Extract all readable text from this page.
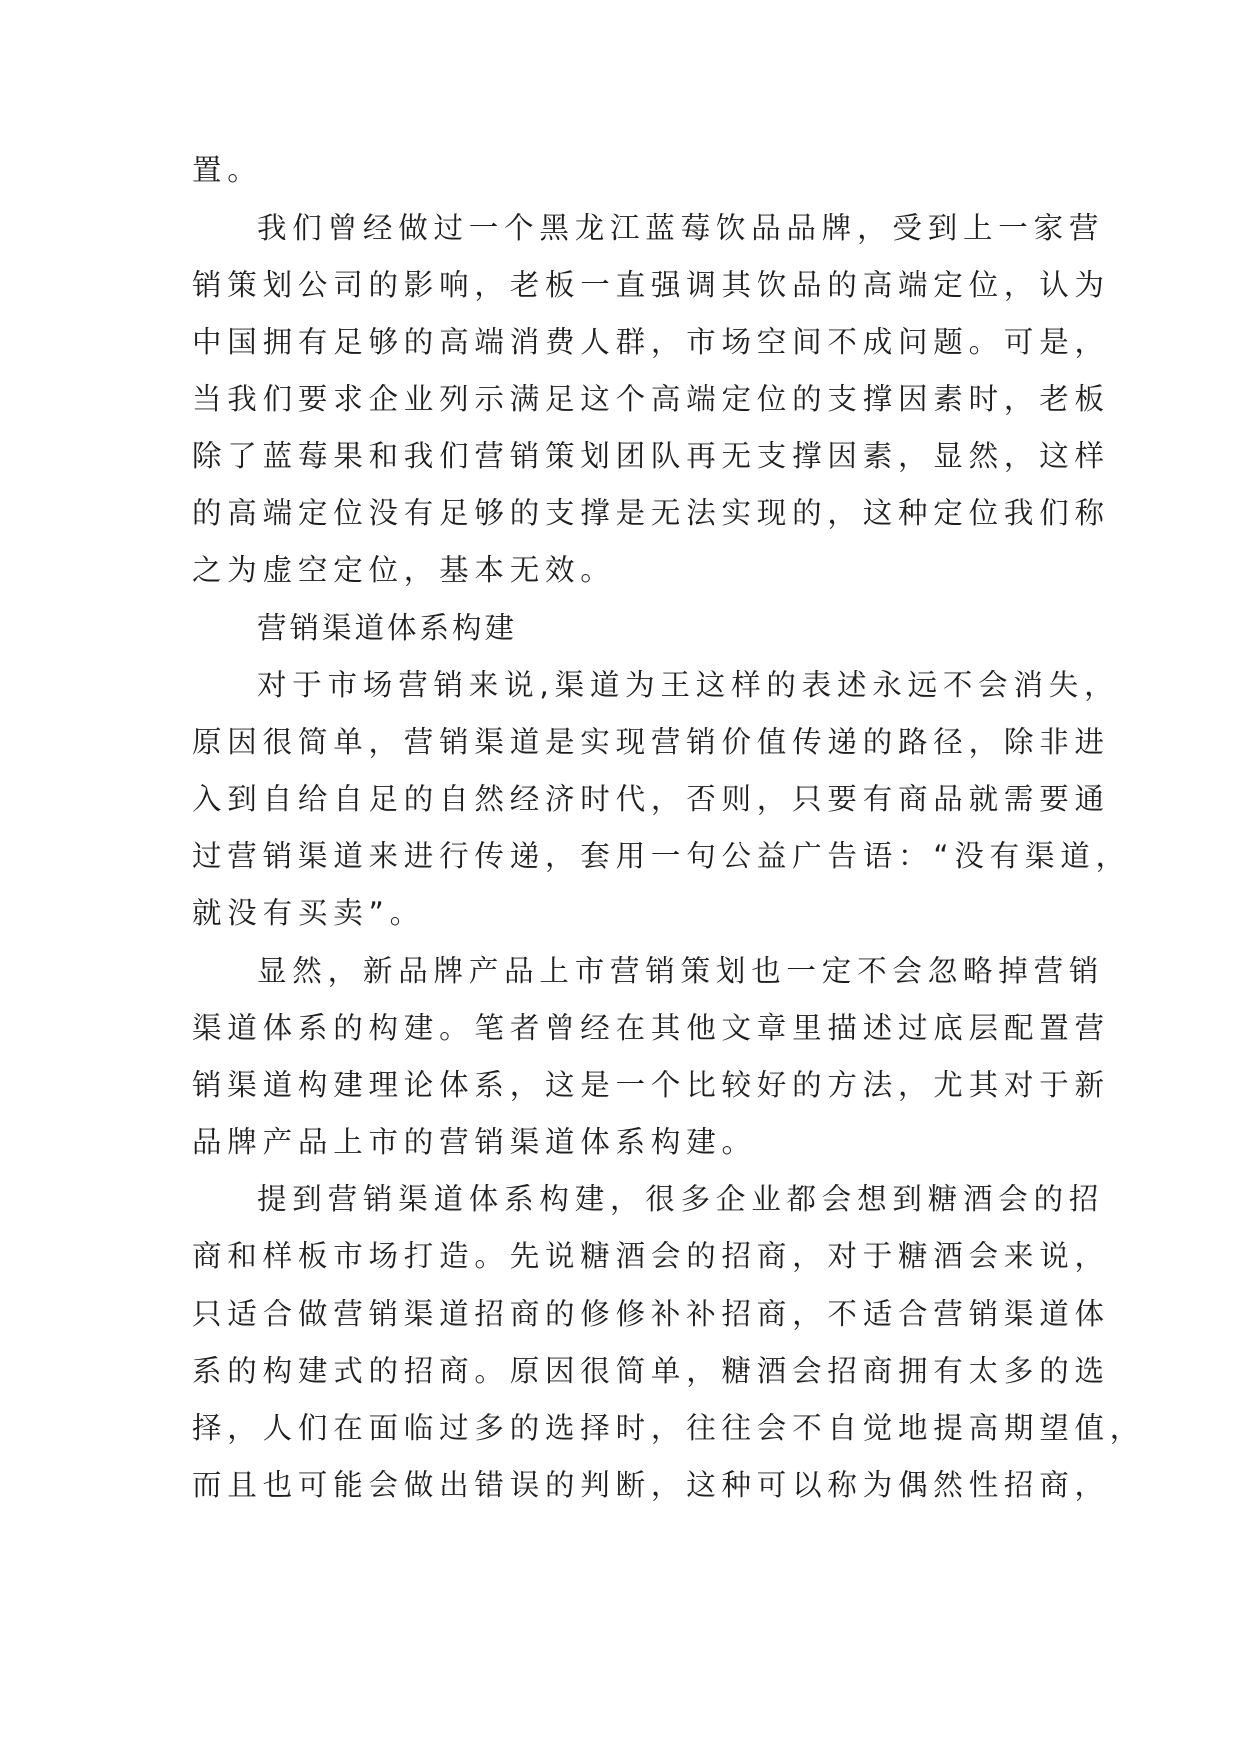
置。

我们曾经做过一个黑龙江蓝莓饮品品牌，受到上一家营

销策划公司的影响，老板一直强调其饮品的高端定位，认为

中国拥有足够的高端消费人群，市场空间不成问题。可是，

当我们要求企业列示满足这个高端定位的支撑因素时，老板

除了蓝莓果和我们营销策划团队再无支撑因素，显然，这样

的高端定位没有足够的支撑是无法实现的，这种定位我们称

之为虚空定位，基本无效。

营销渠道体系构建

对于市场营销来说,渠道为王这样的表述永远不会消失，

原因很简单，营销渠道是实现营销价值传递的路径，除非进

入到自给自足的自然经济时代，否则，只要有商品就需要通

过营销渠道来进行传递，套用一句公益广告语：“没有渠道，

就没有买卖”。

显然，新品牌产品上市营销策划也一定不会忽略掉营销

渠道体系的构建。笔者曾经在其他文章里描述过底层配置营

销渠道构建理论体系，这是一个比较好的方法，尤其对于新

品牌产品上市的营销渠道体系构建。

提到营销渠道体系构建，很多企业都会想到糖酒会的招

商和样板市场打造。先说糖酒会的招商，对于糖酒会来说，

只适合做营销渠道招商的修修补补招商，不适合营销渠道体

系的构建式的招商。原因很简单，糖酒会招商拥有太多的选

择，人们在面临过多的选择时，往往会不自觉地提高期望值，

而且也可能会做出错误的判断，这种可以称为偶然性招商，
